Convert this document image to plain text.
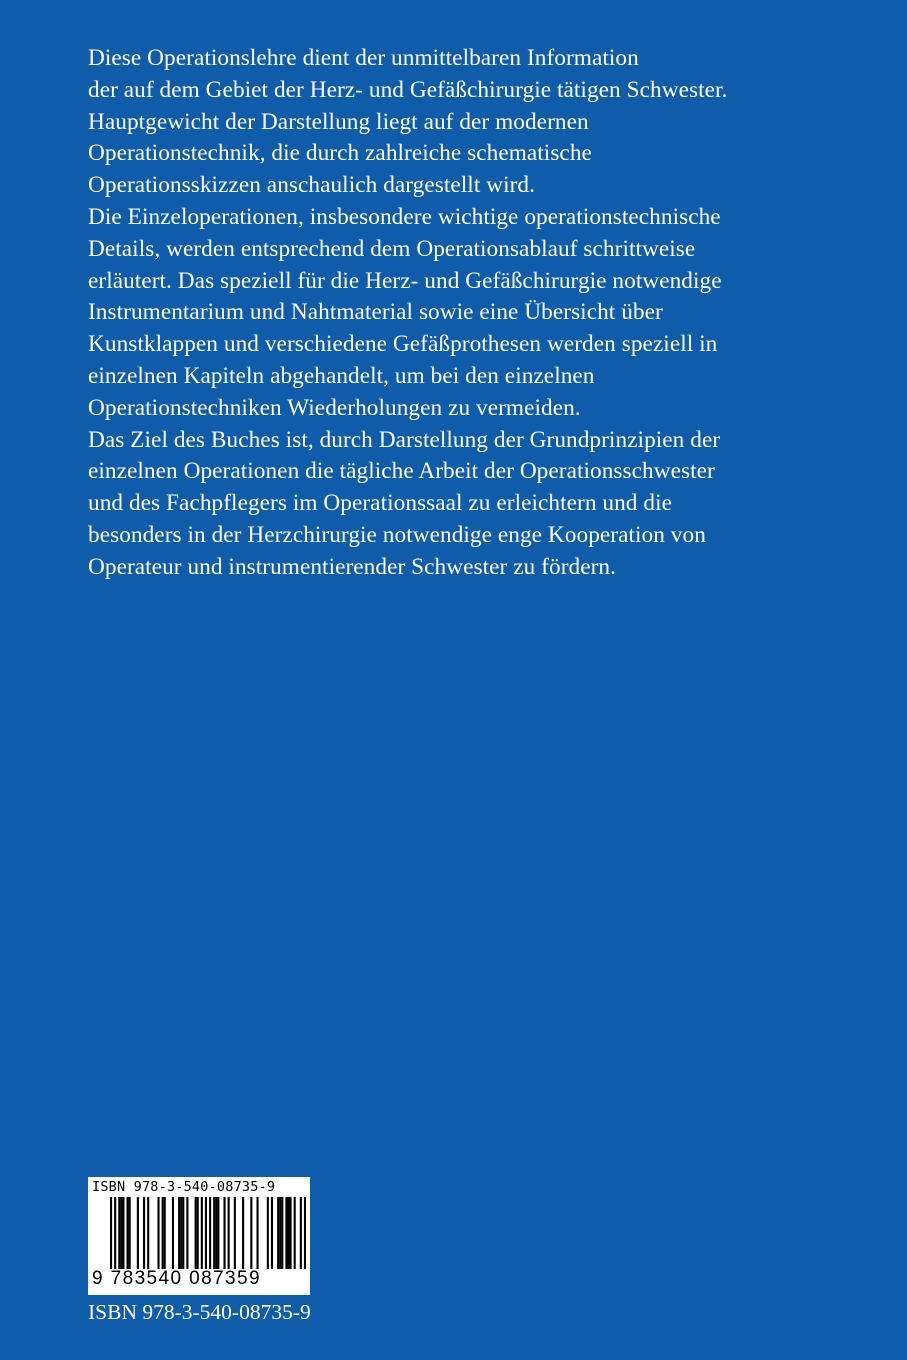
Diese Operationslehre dient der unmittelbaren Information
der auf dem Gebiet der Herz- und Gefäßchirurgie tätigen Schwester.
Hauptgewicht der Darstellung liegt auf der modernen
Operationstechnik, die durch zahlreiche schematische
Operationsskizzen anschaulich dargestellt wird.
Die Einzeloperationen, insbesondere wichtige operationstechnische
Details, werden entsprechend dem Operationsablauf schrittweise
erläutert. Das speziell für die Herz- und Gefäßchirurgie notwendige
Instrumentarium und Nahtmaterial sowie eine Übersicht über
Kunstklappen und verschiedene Gefäßprothesen werden speziell in
einzelnen Kapiteln abgehandelt, um bei den einzelnen
Operationstechniken Wiederholungen zu vermeiden.
Das Ziel des Buches ist, durch Darstellung der Grundprinzipien der
einzelnen Operationen die tägliche Arbeit der Operationsschwester
und des Fachpflegers im Operationssaal zu erleichtern und die
besonders in der Herzchirurgie notwendige enge Kooperation von
Operateur und instrumentierender Schwester zu fördern.
ISBN 978-3-540-08735-9
9 783540 087359
ISBN 978-3-540-08735-9
